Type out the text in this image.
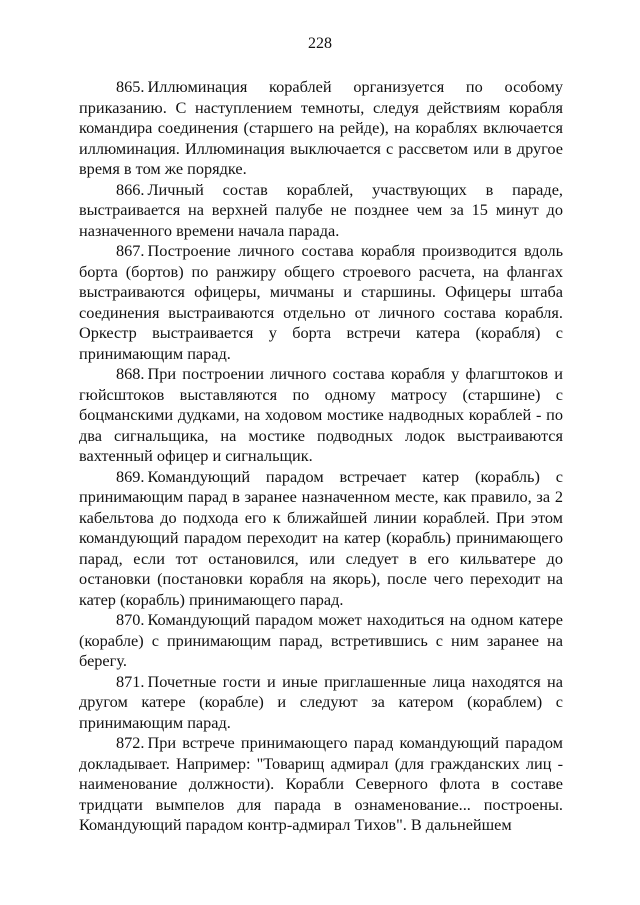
228

865. Иллюминация кораблей организуется по особому приказанию. С наступлением темноты, следуя действиям корабля командира соединения (старшего на рейде), на кораблях включается иллюминация. Иллюминация выключается с рассветом или в другое время в том же порядке.

866. Личный состав кораблей, участвующих в параде, выстраивается на верхней палубе не позднее чем за 15 минут до назначенного времени начала парада.

867. Построение личного состава корабля производится вдоль борта (бортов) по ранжиру общего строевого расчета, на флангах выстраиваются офицеры, мичманы и старшины. Офицеры штаба соединения выстраиваются отдельно от личного состава корабля. Оркестр выстраивается у борта встречи катера (корабля) с принимающим парад.

868. При построении личного состава корабля у флагштоков и гюйсштоков выставляются по одному матросу (старшине) с боцманскими дудками, на ходовом мостике надводных кораблей - по два сигнальщика, на мостике подводных лодок выстраиваются вахтенный офицер и сигнальщик.

869. Командующий парадом встречает катер (корабль) с принимающим парад в заранее назначенном месте, как правило, за 2 кабельтова до подхода его к ближайшей линии кораблей. При этом командующий парадом переходит на катер (корабль) принимающего парад, если тот остановился, или следует в его кильватере до остановки (постановки корабля на якорь), после чего переходит на катер (корабль) принимающего парад.

870. Командующий парадом может находиться на одном катере (корабле) с принимающим парад, встретившись с ним заранее на берегу.

871. Почетные гости и иные приглашенные лица находятся на другом катере (корабле) и следуют за катером (кораблем) с принимающим парад.

872. При встрече принимающего парад командующий парадом докладывает. Например: "Товарищ адмирал (для гражданских лиц - наименование должности). Корабли Северного флота в составе тридцати вымпелов для парада в ознаменование... построены. Командующий парадом контр-адмирал Тихов". В дальнейшем
